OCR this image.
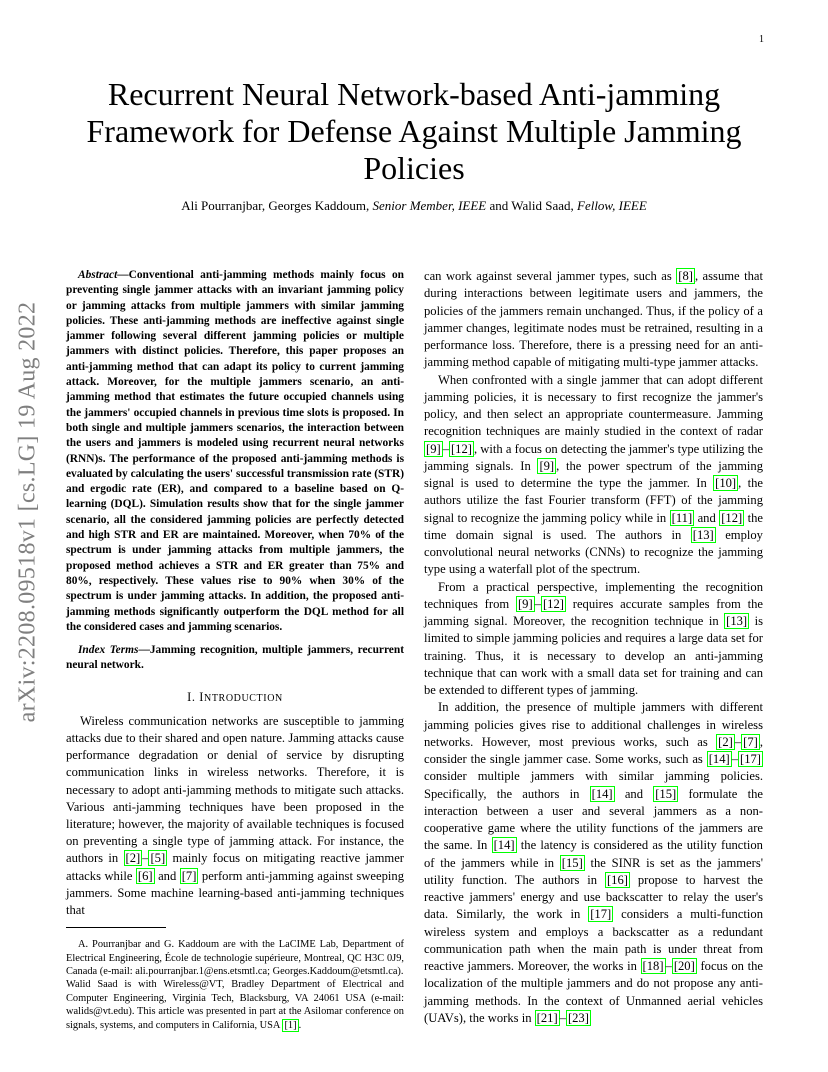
1
Recurrent Neural Network-based Anti-jamming Framework for Defense Against Multiple Jamming Policies
Ali Pourranjbar, Georges Kaddoum, Senior Member, IEEE and Walid Saad, Fellow, IEEE
arXiv:2208.09518v1 [cs.LG] 19 Aug 2022

Abstract—Conventional anti-jamming methods mainly focus on preventing single jammer attacks with an invariant jamming policy or jamming attacks from multiple jammers with similar jamming policies. These anti-jamming methods are ineffective against single jammer following several different jamming policies or multiple jammers with distinct policies. Therefore, this paper proposes an anti-jamming method that can adapt its policy to current jamming attack. Moreover, for the multiple jammers scenario, an anti-jamming method that estimates the future occupied channels using the jammers' occupied channels in previous time slots is proposed. In both single and multiple jammers scenarios, the interaction between the users and jammers is modeled using recurrent neural networks (RNN)s. The performance of the proposed anti-jamming methods is evaluated by calculating the users' successful transmission rate (STR) and ergodic rate (ER), and compared to a baseline based on Q-learning (DQL). Simulation results show that for the single jammer scenario, all the considered jamming policies are perfectly detected and high STR and ER are maintained. Moreover, when 70% of the spectrum is under jamming attacks from multiple jammers, the proposed method achieves a STR and ER greater than 75% and 80%, respectively. These values rise to 90% when 30% of the spectrum is under jamming attacks. In addition, the proposed anti-jamming methods significantly outperform the DQL method for all the considered cases and jamming scenarios.

Index Terms—Jamming recognition, multiple jammers, recurrent neural network.

I. INTRODUCTION

Wireless communication networks are susceptible to jamming attacks due to their shared and open nature. Jamming attacks cause performance degradation or denial of service by disrupting communication links in wireless networks. Therefore, it is necessary to adopt anti-jamming methods to mitigate such attacks. Various anti-jamming techniques have been proposed in the literature; however, the majority of available techniques is focused on preventing a single type of jamming attack. For instance, the authors in [2] – [5] mainly focus on mitigating reactive jammer attacks while [6] and [7] perform anti-jamming against sweeping jammers. Some machine learning-based anti-jamming techniques that

A. Pourranjbar and G. Kaddoum are with the LaCIME Lab, Department of Electrical Engineering, École de technologie supérieure, Montreal, QC H3C 0J9, Canada (e-mail: ali.pourranjbar.1@ens.etsmtl.ca; Georges.Kaddoum@etsmtl.ca).

Walid Saad is with Wireless@VT, Bradley Department of Electrical and Computer Engineering, Virginia Tech, Blacksburg, VA 24061 USA (e-mail: walids@vt.edu). This article was presented in part at the Asilomar conference on signals, systems, and computers in California, USA [1] .

can work against several jammer types, such as [8] , assume that during interactions between legitimate users and jammers, the policies of the jammers remain unchanged. Thus, if the policy of a jammer changes, legitimate nodes must be retrained, resulting in a performance loss. Therefore, there is a pressing need for an anti-jamming method capable of mitigating multi-type jammer attacks.

When confronted with a single jammer that can adopt different jamming policies, it is necessary to first recognize the jammer's policy, and then select an appropriate countermeasure. Jamming recognition techniques are mainly studied in the context of radar [9] – [12] , with a focus on detecting the jammer's type utilizing the jamming signals. In [9] , the power spectrum of the jamming signal is used to determine the type the jammer. In [10] , the authors utilize the fast Fourier transform (FFT) of the jamming signal to recognize the jamming policy while in [11] and [12] the time domain signal is used. The authors in [13] employ convolutional neural networks (CNNs) to recognize the jamming type using a waterfall plot of the spectrum.

From a practical perspective, implementing the recognition techniques from [9] – [12] requires accurate samples from the jamming signal. Moreover, the recognition technique in [13] is limited to simple jamming policies and requires a large data set for training. Thus, it is necessary to develop an anti-jamming technique that can work with a small data set for training and can be extended to different types of jamming.

In addition, the presence of multiple jammers with different jamming policies gives rise to additional challenges in wireless networks. However, most previous works, such as [2] – [7] , consider the single jammer case. Some works, such as [14] – [17] consider multiple jammers with similar jamming policies. Specifically, the authors in [14] and [15] formulate the interaction between a user and several jammers as a non-cooperative game where the utility functions of the jammers are the same. In [14] the latency is considered as the utility function of the jammers while in [15] the SINR is set as the jammers' utility function. The authors in [16] propose to harvest the reactive jammers' energy and use backscatter to relay the user's data. Similarly, the work in [17] considers a multi-function wireless system and employs a backscatter as a redundant communication path when the main path is under threat from reactive jammers. Moreover, the works in [18] – [20] focus on the localization of the multiple jammers and do not propose any anti-jamming methods. In the context of Unmanned aerial vehicles (UAVs), the works in [21] – [23]
